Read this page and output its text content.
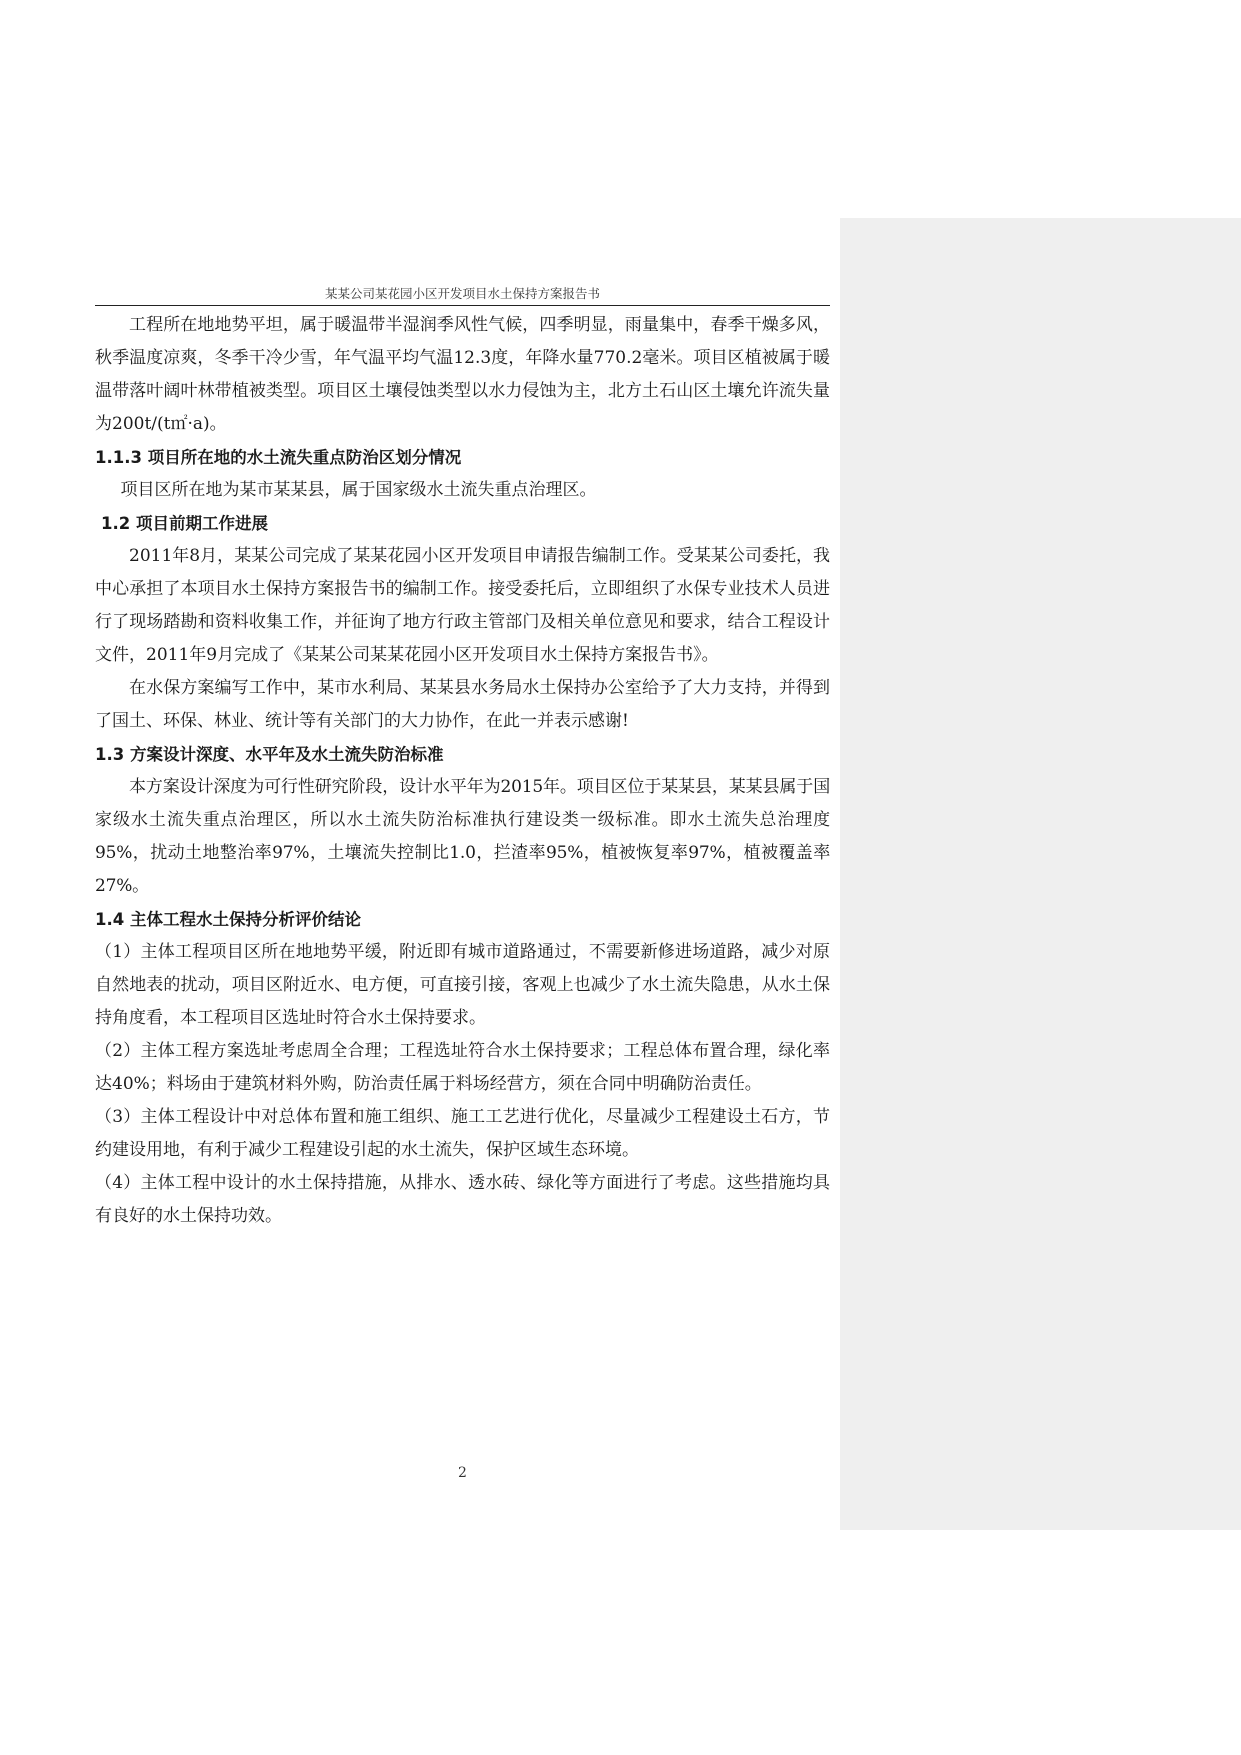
某某公司某花园小区开发项目水土保持方案报告书

工程所在地地势平坦，属于暖温带半湿润季风性气候，四季明显，雨量集中，春季干燥多风，秋季温度凉爽，冬季干冷少雪，年气温平均气温12.3度，年降水量770.2毫米。项目区植被属于暖温带落叶阔叶林带植被类型。项目区土壤侵蚀类型以水力侵蚀为主，北方土石山区土壤允许流失量为200t/(t㎡·a)。

1.1.3 项目所在地的水土流失重点防治区划分情况

项目区所在地为某市某某县，属于国家级水土流失重点治理区。

1.2 项目前期工作进展

2011年8月，某某公司完成了某某花园小区开发项目申请报告编制工作。受某某公司委托，我中心承担了本项目水土保持方案报告书的编制工作。接受委托后，立即组织了水保专业技术人员进行了现场踏勘和资料收集工作，并征询了地方行政主管部门及相关单位意见和要求，结合工程设计文件，2011年9月完成了《某某公司某某花园小区开发项目水土保持方案报告书》。

在水保方案编写工作中，某市水利局、某某县水务局水土保持办公室给予了大力支持，并得到了国土、环保、林业、统计等有关部门的大力协作，在此一并表示感谢!

1.3 方案设计深度、水平年及水土流失防治标准

本方案设计深度为可行性研究阶段，设计水平年为2015年。项目区位于某某县，某某县属于国家级水土流失重点治理区，所以水土流失防治标准执行建设类一级标准。即水土流失总治理度95%，扰动土地整治率97%，土壤流失控制比1.0，拦渣率95%，植被恢复率97%，植被覆盖率27%。

1.4 主体工程水土保持分析评价结论

（1）主体工程项目区所在地地势平缓，附近即有城市道路通过，不需要新修进场道路，减少对原自然地表的扰动，项目区附近水、电方便，可直接引接，客观上也减少了水土流失隐患，从水土保持角度看，本工程项目区选址时符合水土保持要求。

（2）主体工程方案选址考虑周全合理；工程选址符合水土保持要求；工程总体布置合理，绿化率达40%；料场由于建筑材料外购，防治责任属于料场经营方，须在合同中明确防治责任。

（3）主体工程设计中对总体布置和施工组织、施工工艺进行优化，尽量减少工程建设土石方，节约建设用地，有利于减少工程建设引起的水土流失，保护区域生态环境。

（4）主体工程中设计的水土保持措施，从排水、透水砖、绿化等方面进行了考虑。这些措施均具有良好的水土保持功效。

2
